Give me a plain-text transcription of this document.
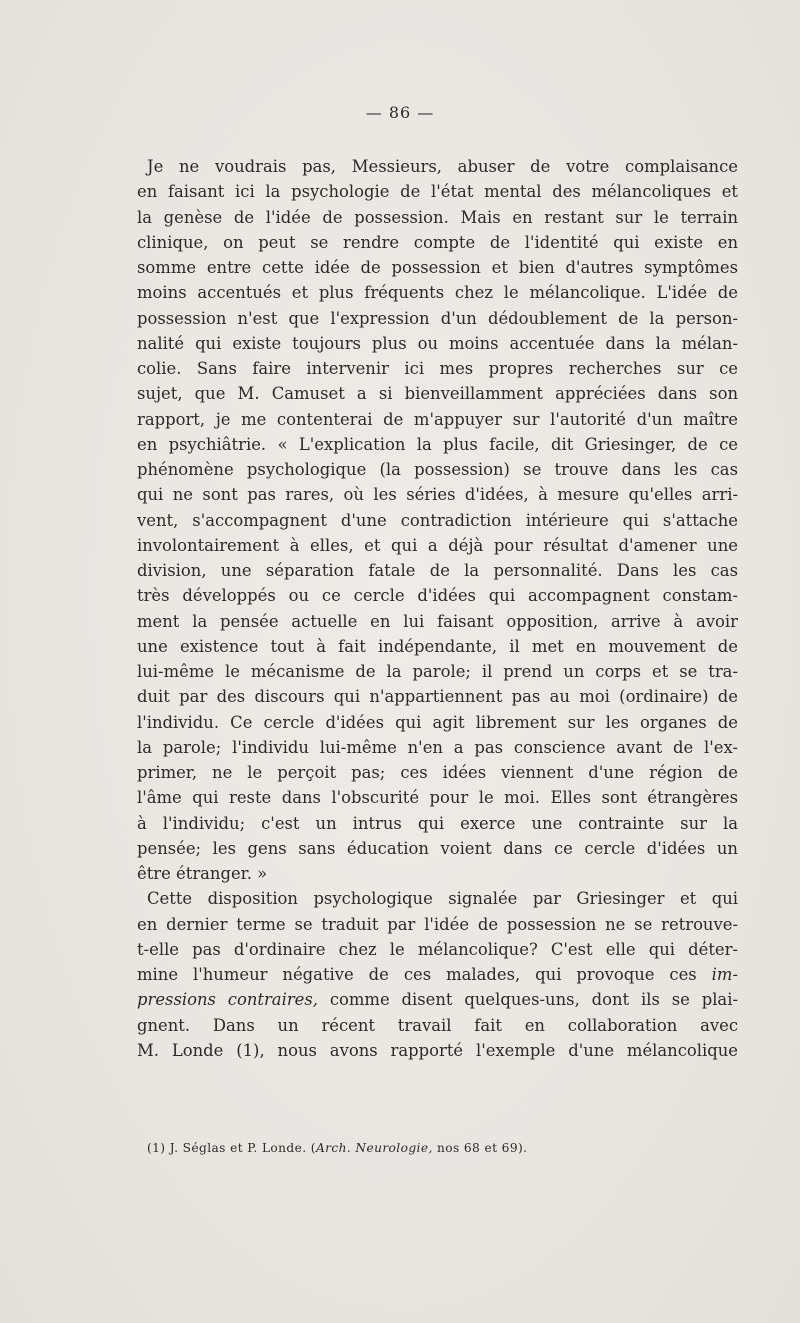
— 86 —
Je ne voudrais pas, Messieurs, abuser de votre complaisance
en faisant ici la psychologie de l'état mental des mélancoliques et
la genèse de l'idée de possession. Mais en restant sur le terrain
clinique, on peut se rendre compte de l'identité qui existe en
somme entre cette idée de possession et bien d'autres symptômes
moins accentués et plus fréquents chez le mélancolique. L'idée de
possession n'est que l'expression d'un dédoublement de la person-
nalité qui existe toujours plus ou moins accentuée dans la mélan-
colie. Sans faire intervenir ici mes propres recherches sur ce
sujet, que M. Camuset a si bienveillamment appréciées dans son
rapport, je me contenterai de m'appuyer sur l'autorité d'un maître
en psychiâtrie. « L'explication la plus facile, dit Griesinger, de ce
phénomène psychologique (la possession) se trouve dans les cas
qui ne sont pas rares, où les séries d'idées, à mesure qu'elles arri-
vent, s'accompagnent d'une contradiction intérieure qui s'attache
involontairement à elles, et qui a déjà pour résultat d'amener une
division, une séparation fatale de la personnalité. Dans les cas
très développés ou ce cercle d'idées qui accompagnent constam-
ment la pensée actuelle en lui faisant opposition, arrive à avoir
une existence tout à fait indépendante, il met en mouvement de
lui-même le mécanisme de la parole; il prend un corps et se tra-
duit par des discours qui n'appartiennent pas au moi (ordinaire) de
l'individu. Ce cercle d'idées qui agit librement sur les organes de
la parole; l'individu lui-même n'en a pas conscience avant de l'ex-
primer, ne le perçoit pas; ces idées viennent d'une région de
l'âme qui reste dans l'obscurité pour le moi. Elles sont étrangères
à l'individu; c'est un intrus qui exerce une contrainte sur la
pensée; les gens sans éducation voient dans ce cercle d'idées un
être étranger. »
Cette disposition psychologique signalée par Griesinger et qui
en dernier terme se traduit par l'idée de possession ne se retrouve-
t-elle pas d'ordinaire chez le mélancolique? C'est elle qui déter-
mine l'humeur négative de ces malades, qui provoque ces im-
pressions contraires, comme disent quelques-uns, dont ils se plai-
gnent. Dans un récent travail fait en collaboration avec
M. Londe (1), nous avons rapporté l'exemple d'une mélancolique
(1) J. Séglas et P. Londe. (Arch. Neurologie, nos 68 et 69).
